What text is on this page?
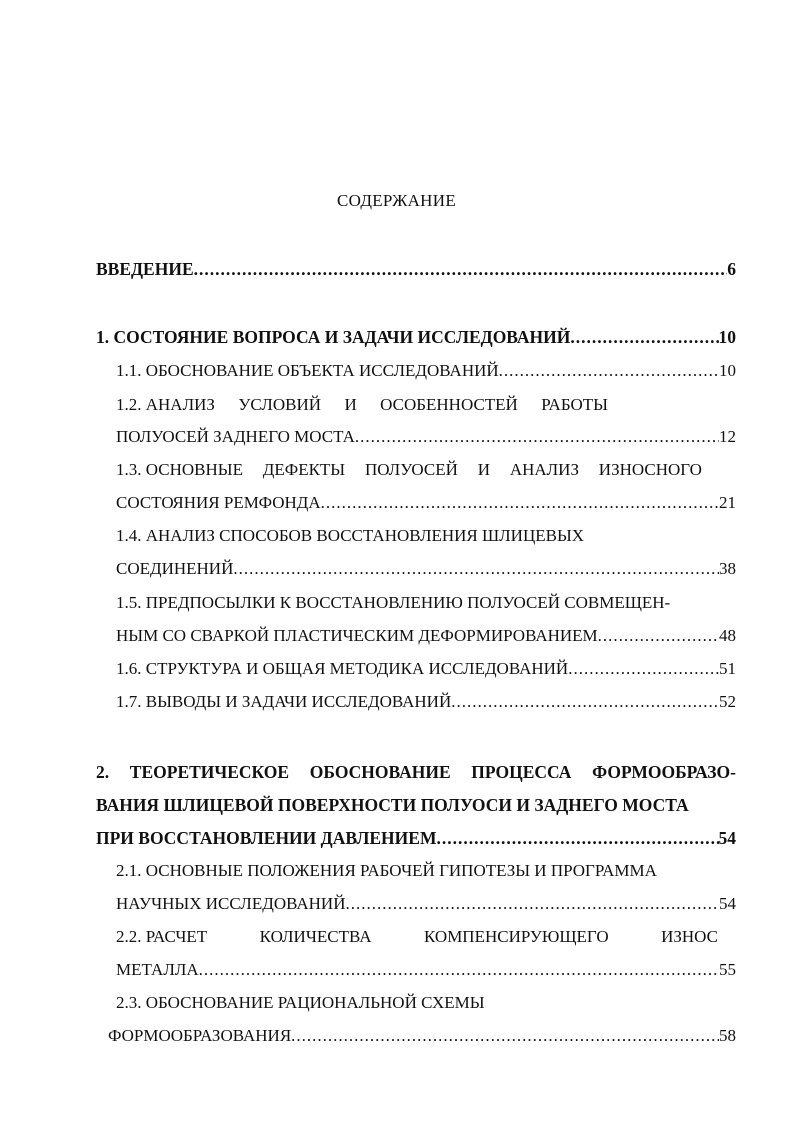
СОДЕРЖАНИЕ
ВВЕДЕНИЕ .....	6
1. СОСТОЯНИЕ ВОПРОСА И ЗАДАЧИ ИССЛЕДОВАНИЙ .....	10
1.1. ОБОСНОВАНИЕ ОБЪЕКТА ИССЛЕДОВАНИЙ .....	10
1.2. АНАЛИЗ УСЛОВИЙ И ОСОБЕННОСТЕЙ РАБОТЫ
ПОЛУОСЕЙ ЗАДНЕГО МОСТА .....	12
1.3. ОСНОВНЫЕ ДЕФЕКТЫ ПОЛУОСЕЙ И АНАЛИЗ ИЗНОСНОГО
СОСТОЯНИЯ РЕМФОНДА .....	21
1.4. АНАЛИЗ СПОСОБОВ ВОССТАНОВЛЕНИЯ ШЛИЦЕВЫХ
СОЕДИНЕНИЙ .....	38
1.5. ПРЕДПОСЫЛКИ К ВОССТАНОВЛЕНИЮ ПОЛУОСЕЙ СОВМЕЩЕН-
НЫМ СО СВАРКОЙ ПЛАСТИЧЕСКИМ ДЕФОРМИРОВАНИЕМ .....	48
1.6. СТРУКТУРА И ОБЩАЯ МЕТОДИКА ИССЛЕДОВАНИЙ .....	51
1.7. ВЫВОДЫ И ЗАДАЧИ ИССЛЕДОВАНИЙ .....	52
2. ТЕОРЕТИЧЕСКОЕ ОБОСНОВАНИЕ ПРОЦЕССА ФОРМООБРАЗО-
ВАНИЯ ШЛИЦЕВОЙ ПОВЕРХНОСТИ ПОЛУОСИ И ЗАДНЕГО МОСТА
ПРИ ВОССТАНОВЛЕНИИ ДАВЛЕНИЕМ .....	54
2.1. ОСНОВНЫЕ ПОЛОЖЕНИЯ РАБОЧЕЙ ГИПОТЕЗЫ И ПРОГРАММА
НАУЧНЫХ ИССЛЕДОВАНИЙ .....	54
2.2. РАСЧЕТ	КОЛИЧЕСТВА	КОМПЕНСИРУЮЩЕГО	ИЗНОС
МЕТАЛЛА .....	55
2.3. ОБОСНОВАНИЕ РАЦИОНАЛЬНОЙ СХЕМЫ
ФОРМООБРАЗОВАНИЯ .....	58
